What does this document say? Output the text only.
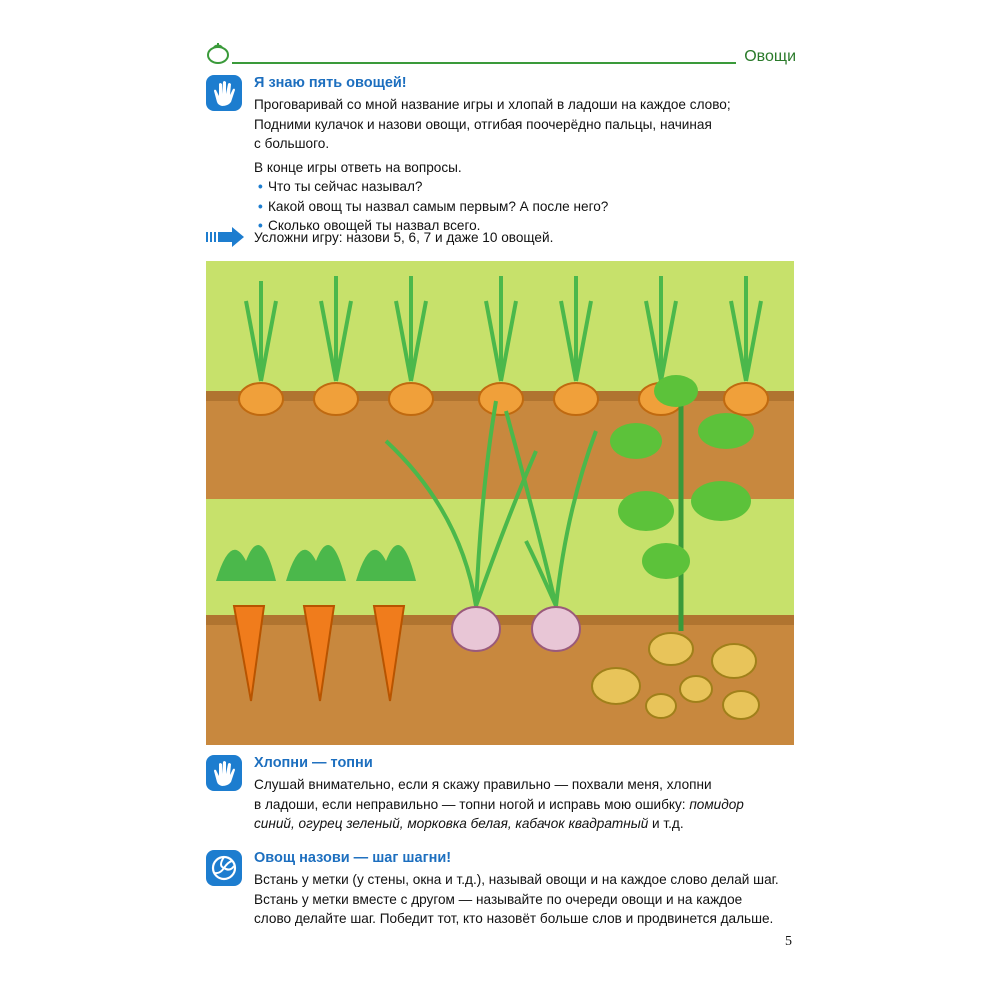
Овощи
Я знаю пять овощей!

Проговаривай со мной название игры и хлопай в ладоши на каждое слово;

Подними кулачок и назови овощи, отгибая поочерёдно пальцы, начиная

с большого.

В конце игры ответь на вопросы.

• Что ты сейчас называл?
• Какой овощ ты назвал самым первым? А после него?
• Сколько овощей ты назвал всего.
Усложни игру: назови 5, 6, 7 и даже 10 овощей.
Хлопни — топни

Слушай внимательно, если я скажу правильно — похвали меня, хлопни

в ладоши, если неправильно — топни ногой и исправь мою ошибку: помидор

синий, огурец зеленый, морковка белая, кабачок квадратный и т.д.

Овощ назови — шаг шагни!

Встань у метки (у стены, окна и т.д.), называй овощи и на каждое слово делай шаг.

Встань у метки вместе с другом — называйте по очереди овощи и на каждое

слово делайте шаг. Победит тот, кто назовёт больше слов и продвинется дальше.

5
